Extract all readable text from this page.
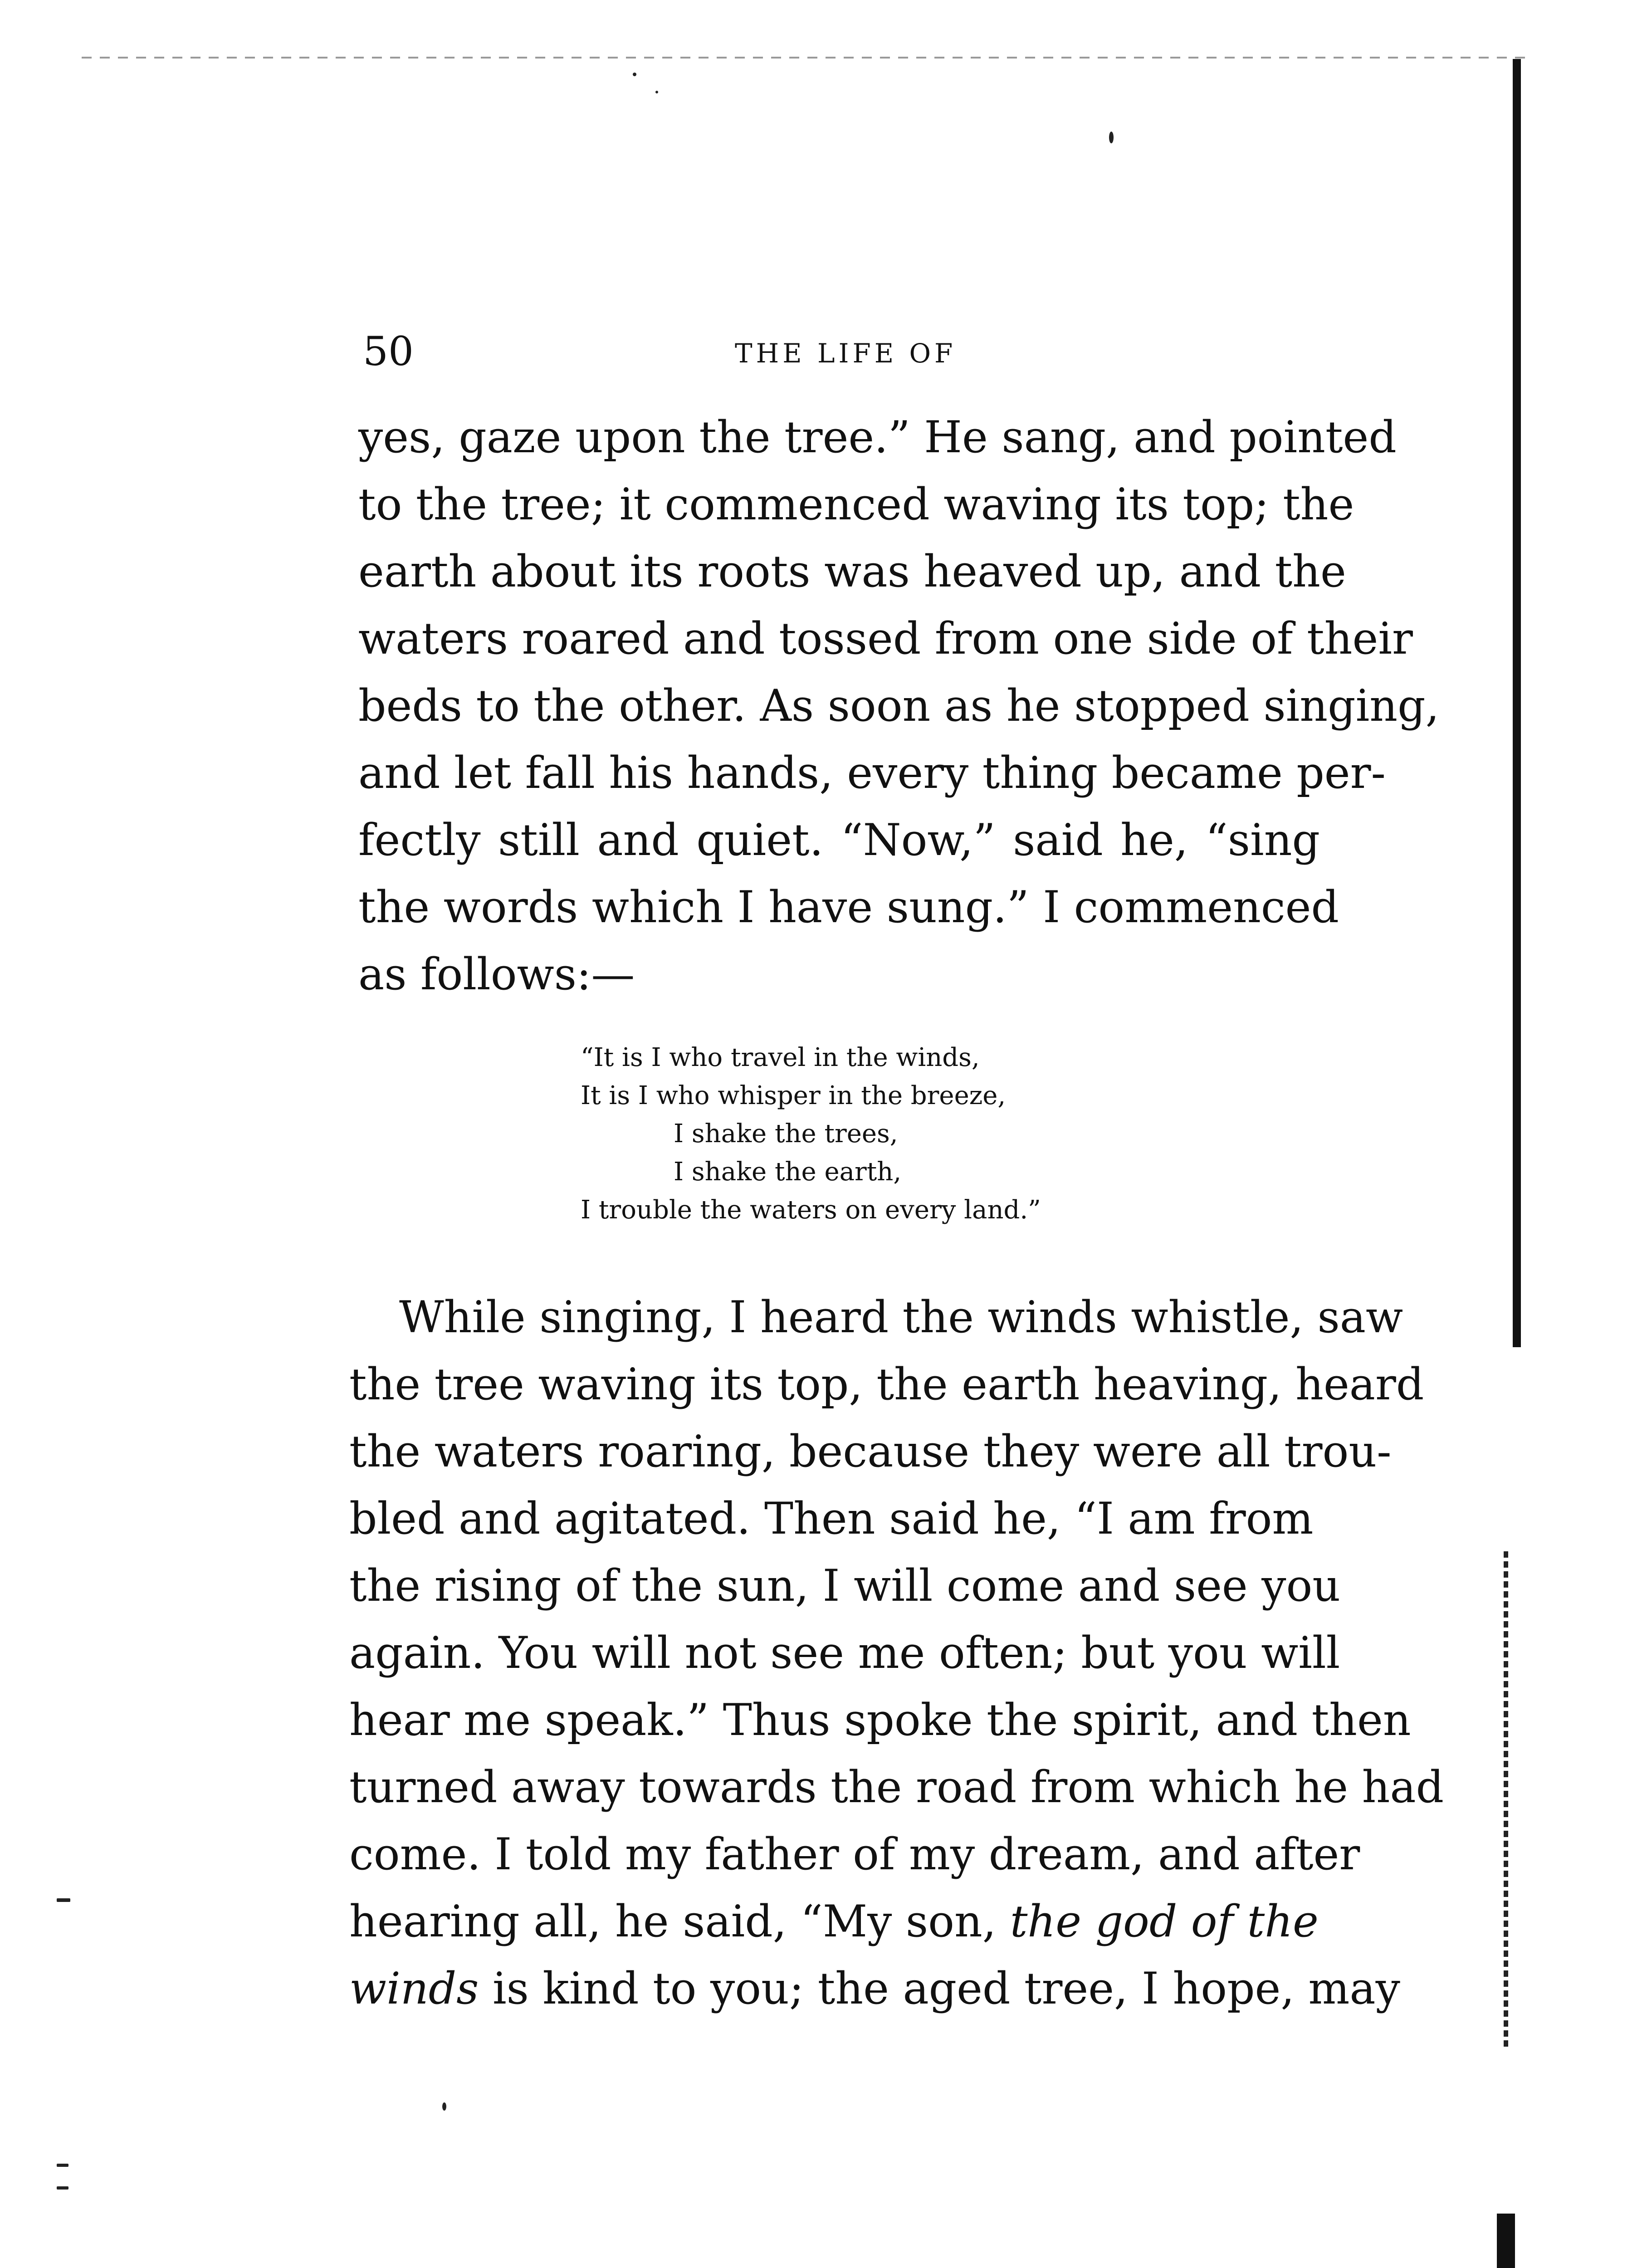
50	THE LIFE OF

yes, gaze upon the tree.” He sang, and pointed
to the tree; it commenced waving its top; the
earth about its roots was heaved up, and the
waters roared and tossed from one side of their
beds to the other. As soon as he stopped singing,
and let fall his hands, every thing became per-
fectly still and quiet. “Now,” said he, “sing
the words which I have sung.” I commenced
as follows:—

“It is I who travel in the winds,
It is I who whisper in the breeze,
I shake the trees,
I shake the earth,
I trouble the waters on every land.”

While singing, I heard the winds whistle, saw
the tree waving its top, the earth heaving, heard
the waters roaring, because they were all trou-
bled and agitated. Then said he, “I am from
the rising of the sun, I will come and see you
again. You will not see me often; but you will
hear me speak.” Thus spoke the spirit, and then
turned away towards the road from which he had
come. I told my father of my dream, and after
hearing all, he said, “My son, the god of the
winds is kind to you; the aged tree, I hope, may
